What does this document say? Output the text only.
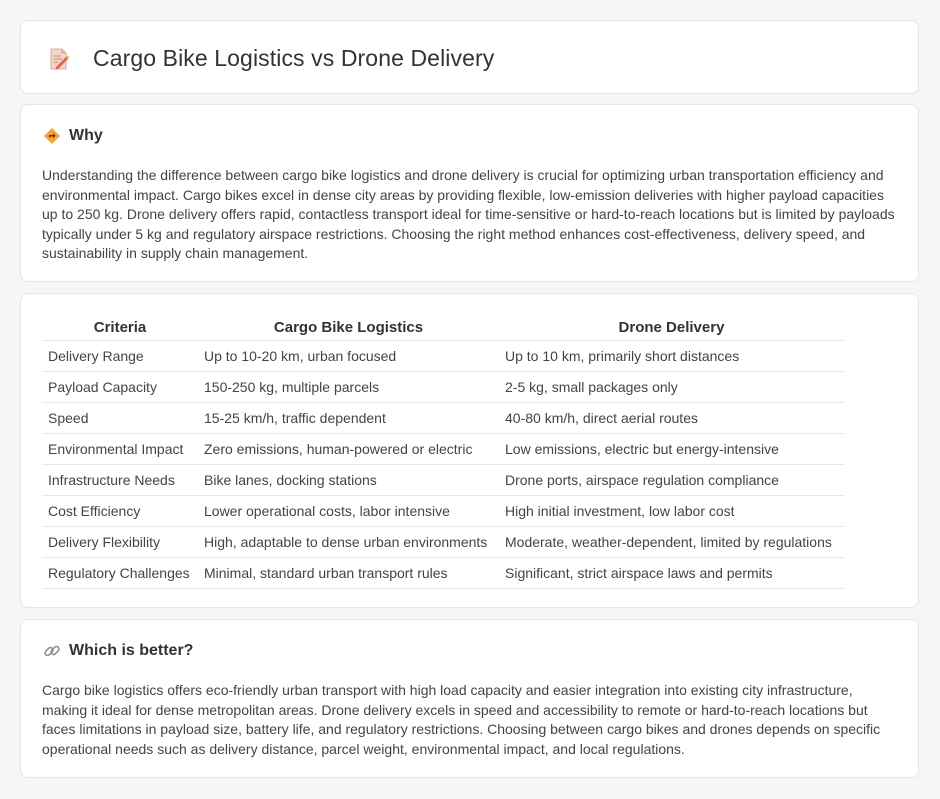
Cargo Bike Logistics vs Drone Delivery
Why

Understanding the difference between cargo bike logistics and drone delivery is crucial for optimizing urban transportation efficiency and environmental impact. Cargo bikes excel in dense city areas by providing flexible, low-emission deliveries with higher payload capacities up to 250 kg. Drone delivery offers rapid, contactless transport ideal for time-sensitive or hard-to-reach locations but is limited by payloads typically under 5 kg and regulatory airspace restrictions. Choosing the right method enhances cost-effectiveness, delivery speed, and sustainability in supply chain management.

Criteria	Cargo Bike Logistics	Drone Delivery
Delivery Range	Up to 10-20 km, urban focused	Up to 10 km, primarily short distances
Payload Capacity	150-250 kg, multiple parcels	2-5 kg, small packages only
Speed	15-25 km/h, traffic dependent	40-80 km/h, direct aerial routes
Environmental Impact	Zero emissions, human-powered or electric	Low emissions, electric but energy-intensive
Infrastructure Needs	Bike lanes, docking stations	Drone ports, airspace regulation compliance
Cost Efficiency	Lower operational costs, labor intensive	High initial investment, low labor cost
Delivery Flexibility	High, adaptable to dense urban environments	Moderate, weather-dependent, limited by regulations
Regulatory Challenges	Minimal, standard urban transport rules	Significant, strict airspace laws and permits
Which is better?

Cargo bike logistics offers eco-friendly urban transport with high load capacity and easier integration into existing city infrastructure, making it ideal for dense metropolitan areas. Drone delivery excels in speed and accessibility to remote or hard-to-reach locations but faces limitations in payload size, battery life, and regulatory restrictions. Choosing between cargo bikes and drones depends on specific operational needs such as delivery distance, parcel weight, environmental impact, and local regulations.
